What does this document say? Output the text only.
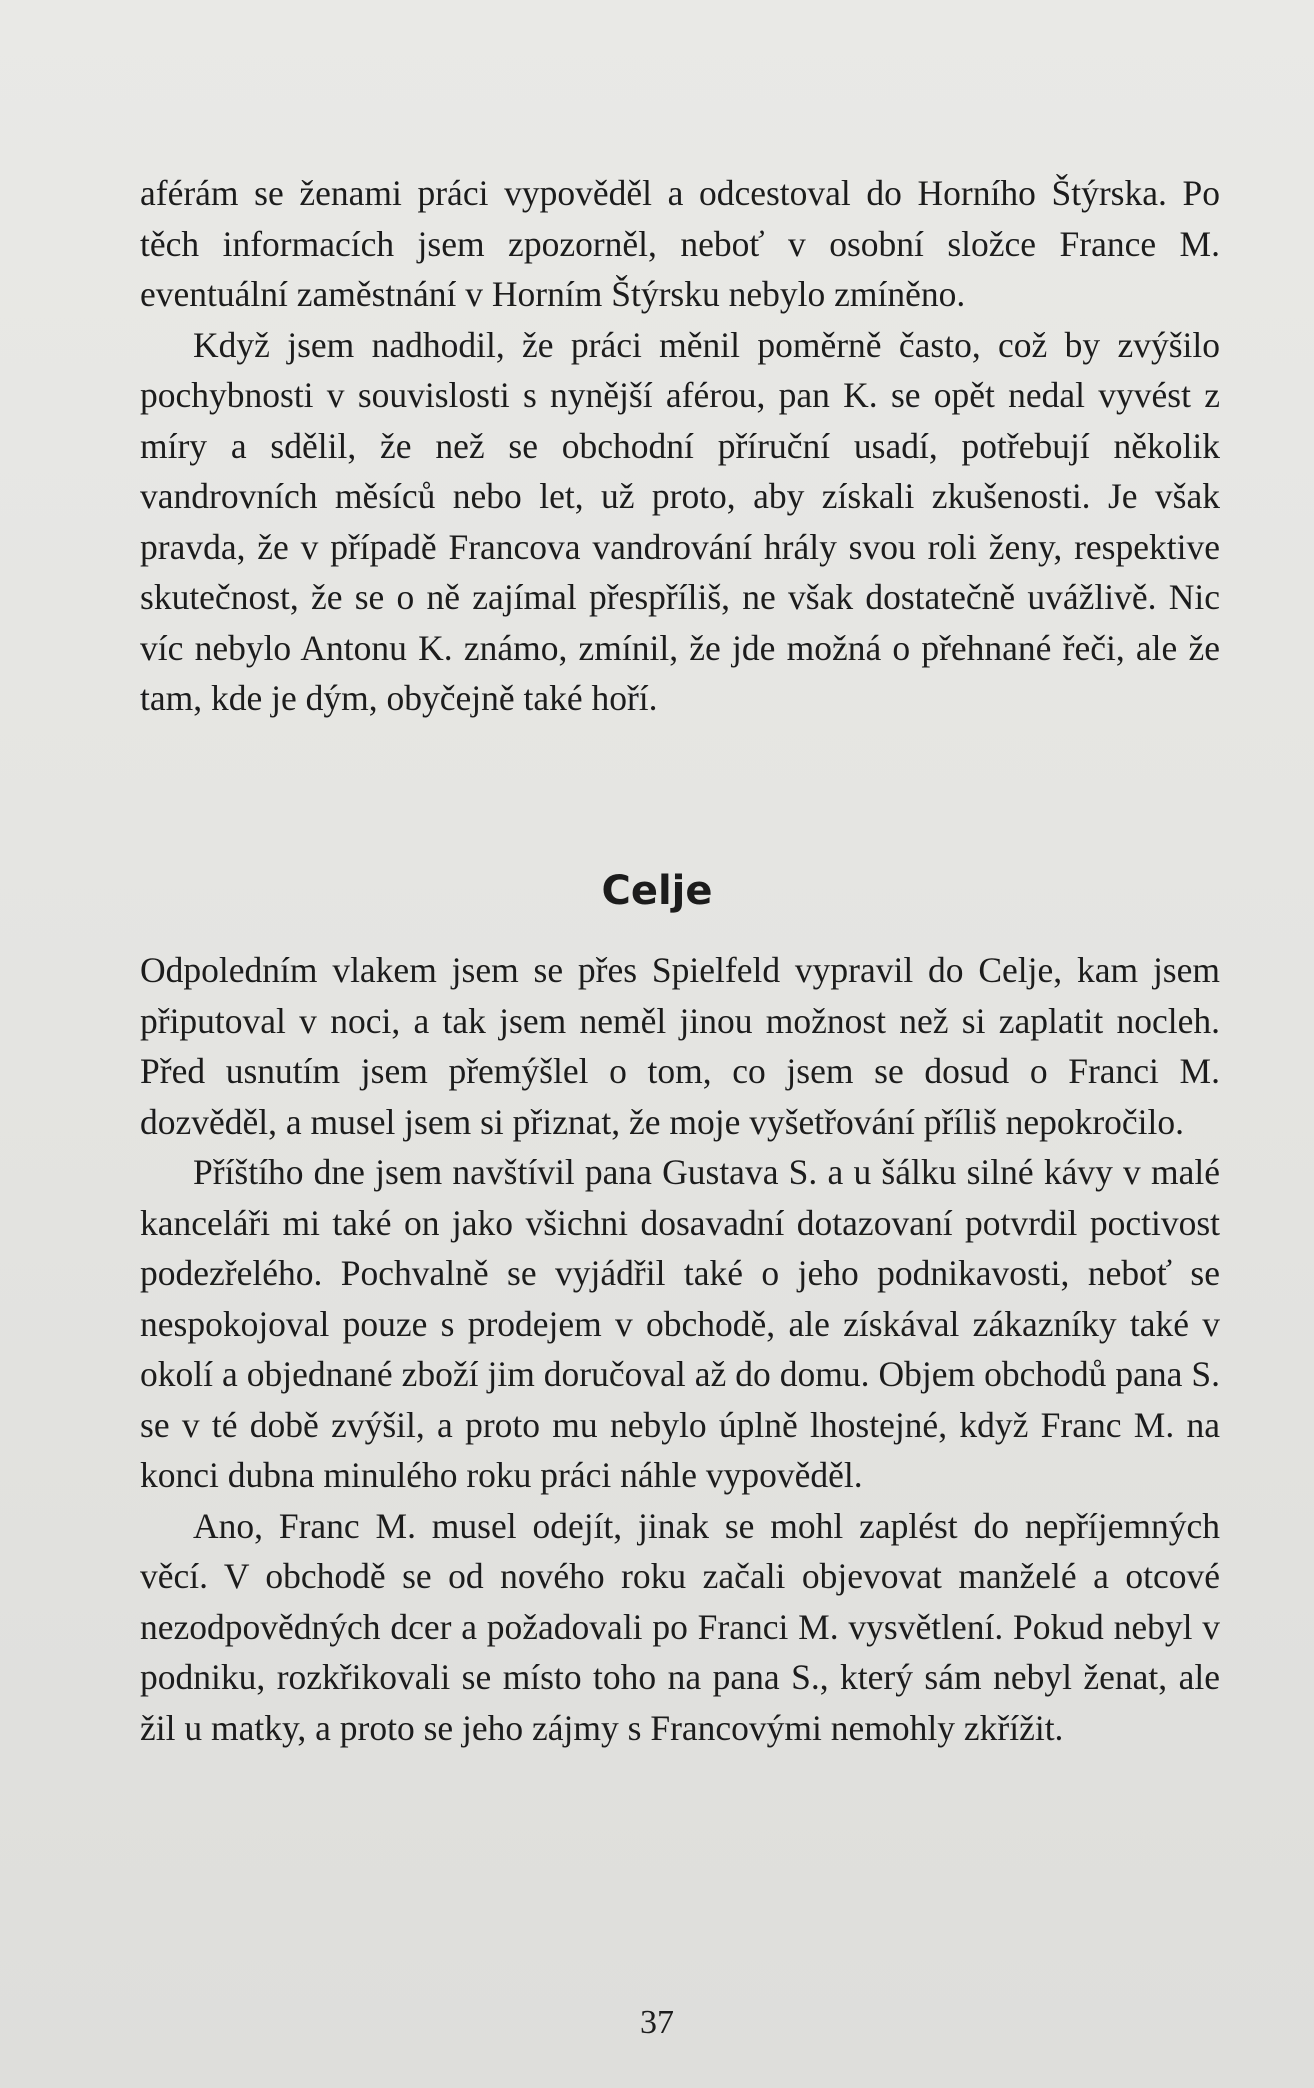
aférám se ženami práci vypověděl a odcestoval do Horního Štýrska. Po těch informacích jsem zpozorněl, neboť v osobní složce France M. eventuální zaměstnání v Horním Štýrsku nebylo zmíněno.

Když jsem nadhodil, že práci měnil poměrně často, což by zvýšilo pochybnosti v souvislosti s nynější aférou, pan K. se opět nedal vyvést z míry a sdělil, že než se obchodní příruční usadí, potřebují několik vandrovních měsíců nebo let, už proto, aby získali zkušenosti. Je však pravda, že v případě Francova vandrování hrály svou roli ženy, respektive skutečnost, že se o ně zajímal přespříliš, ne však dostatečně uvážlivě. Nic víc nebylo Antonu K. známo, zmínil, že jde možná o přehnané řeči, ale že tam, kde je dým, obyčejně také hoří.

Celje

Odpoledním vlakem jsem se přes Spielfeld vypravil do Celje, kam jsem připutoval v noci, a tak jsem neměl jinou možnost než si zaplatit nocleh. Před usnutím jsem přemýšlel o tom, co jsem se dosud o Franci M. dozvěděl, a musel jsem si přiznat, že moje vyšetřování příliš nepokročilo.

Příštího dne jsem navštívil pana Gustava S. a u šálku silné kávy v malé kanceláři mi také on jako všichni dosavadní dotazovaní potvrdil poctivost podezřelého. Pochvalně se vyjádřil také o jeho podnikavosti, neboť se nespokojoval pouze s prodejem v obchodě, ale získával zákazníky také v okolí a objednané zboží jim doručoval až do domu. Objem obchodů pana S. se v té době zvýšil, a proto mu nebylo úplně lhostejné, když Franc M. na konci dubna minulého roku práci náhle vypověděl.

Ano, Franc M. musel odejít, jinak se mohl zaplést do nepříjemných věcí. V obchodě se od nového roku začali objevovat manželé a otcové nezodpovědných dcer a požadovali po Franci M. vysvětlení. Pokud nebyl v podniku, rozkřikovali se místo toho na pana S., který sám nebyl ženat, ale žil u matky, a proto se jeho zájmy s Francovými nemohly zkřížit.

37
